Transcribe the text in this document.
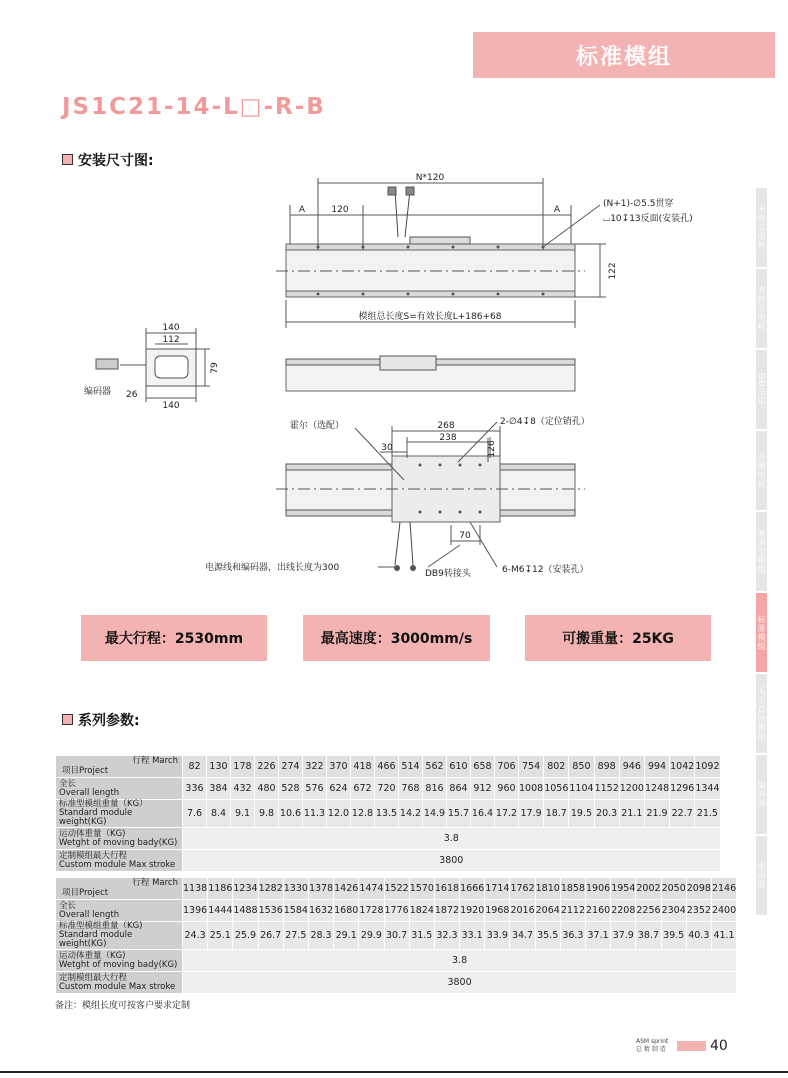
标准模组
JS1C21-14-L□-R-B
安装尺寸图:
无铁芯电机
有铁芯电机
DD马达
音圈电机
紧凑型模组
标准模组
无尘直线模组
编码器
驱动器
N*120
A	120	A
(N+1)-∅5.5贯穿
⌴10↧13反面(安装孔)
122
模组总长度S=有效长度L+186+68
140
112
79
编码器 26
140
霍尔（选配）	268
238
2-∅4↧8（定位销孔）
30	126
70
电源线和编码器，出线长度为300
DB9转接头	6-M6↧12（安装孔）
最大行程：2530mm	最高速度：3000mm/s	可搬重量：25KG
系列参数:
行程 March
项目Project	82	130	178	226	274	322	370	418	466	514	562	610	658	706	754	802	850	898	946	994	1042	1092

全长
Overall length	336	384	432	480	528	576	624	672	720	768	816	864	912	960	1008	1056	1104	1152	1200	1248	1296	1344

标准型模组重量（KG）
Standard module weight(KG)	7.6	8.4	9.1	9.8	10.6	11.3	12.0	12.8	13.5	14.2	14.9	15.7	16.4	17.2	17.9	18.7	19.5	20.3	21.1	21.9	22.7	21.5

运动体重量（KG)
Wetght of moving bady(KG)	3.8																					

定制模组最大行程
Custom module Max stroke	3800																					
行程 March
项目Project	1138	1186	1234	1282	1330	1378	1426	1474	1522	1570	1618	1666	1714	1762	1810	1858	1906	1954	2002	2050	2098	2146

全长
Overall length	1396	1444	1488	1536	1584	1632	1680	1728	1776	1824	1872	1920	1968	2016	2064	2112	2160	2208	2256	2304	2352	2400

标准型模组重量（KG)
Standard module weight(KG)	24.3	25.1	25.9	26.7	27.5	28.3	29.1	29.9	30.7	31.5	32.3	33.1	33.9	34.7	35.5	36.3	37.1	37.9	38.7	39.5	40.3	41.1

运动体重量（KG)
Wetght of moving bady(KG)	3.8																					

定制模组最大行程
Custom module Max stroke	3800																					
备注：模组长度可按客户要求定制
ASM sprint
总 精 制 造	40
